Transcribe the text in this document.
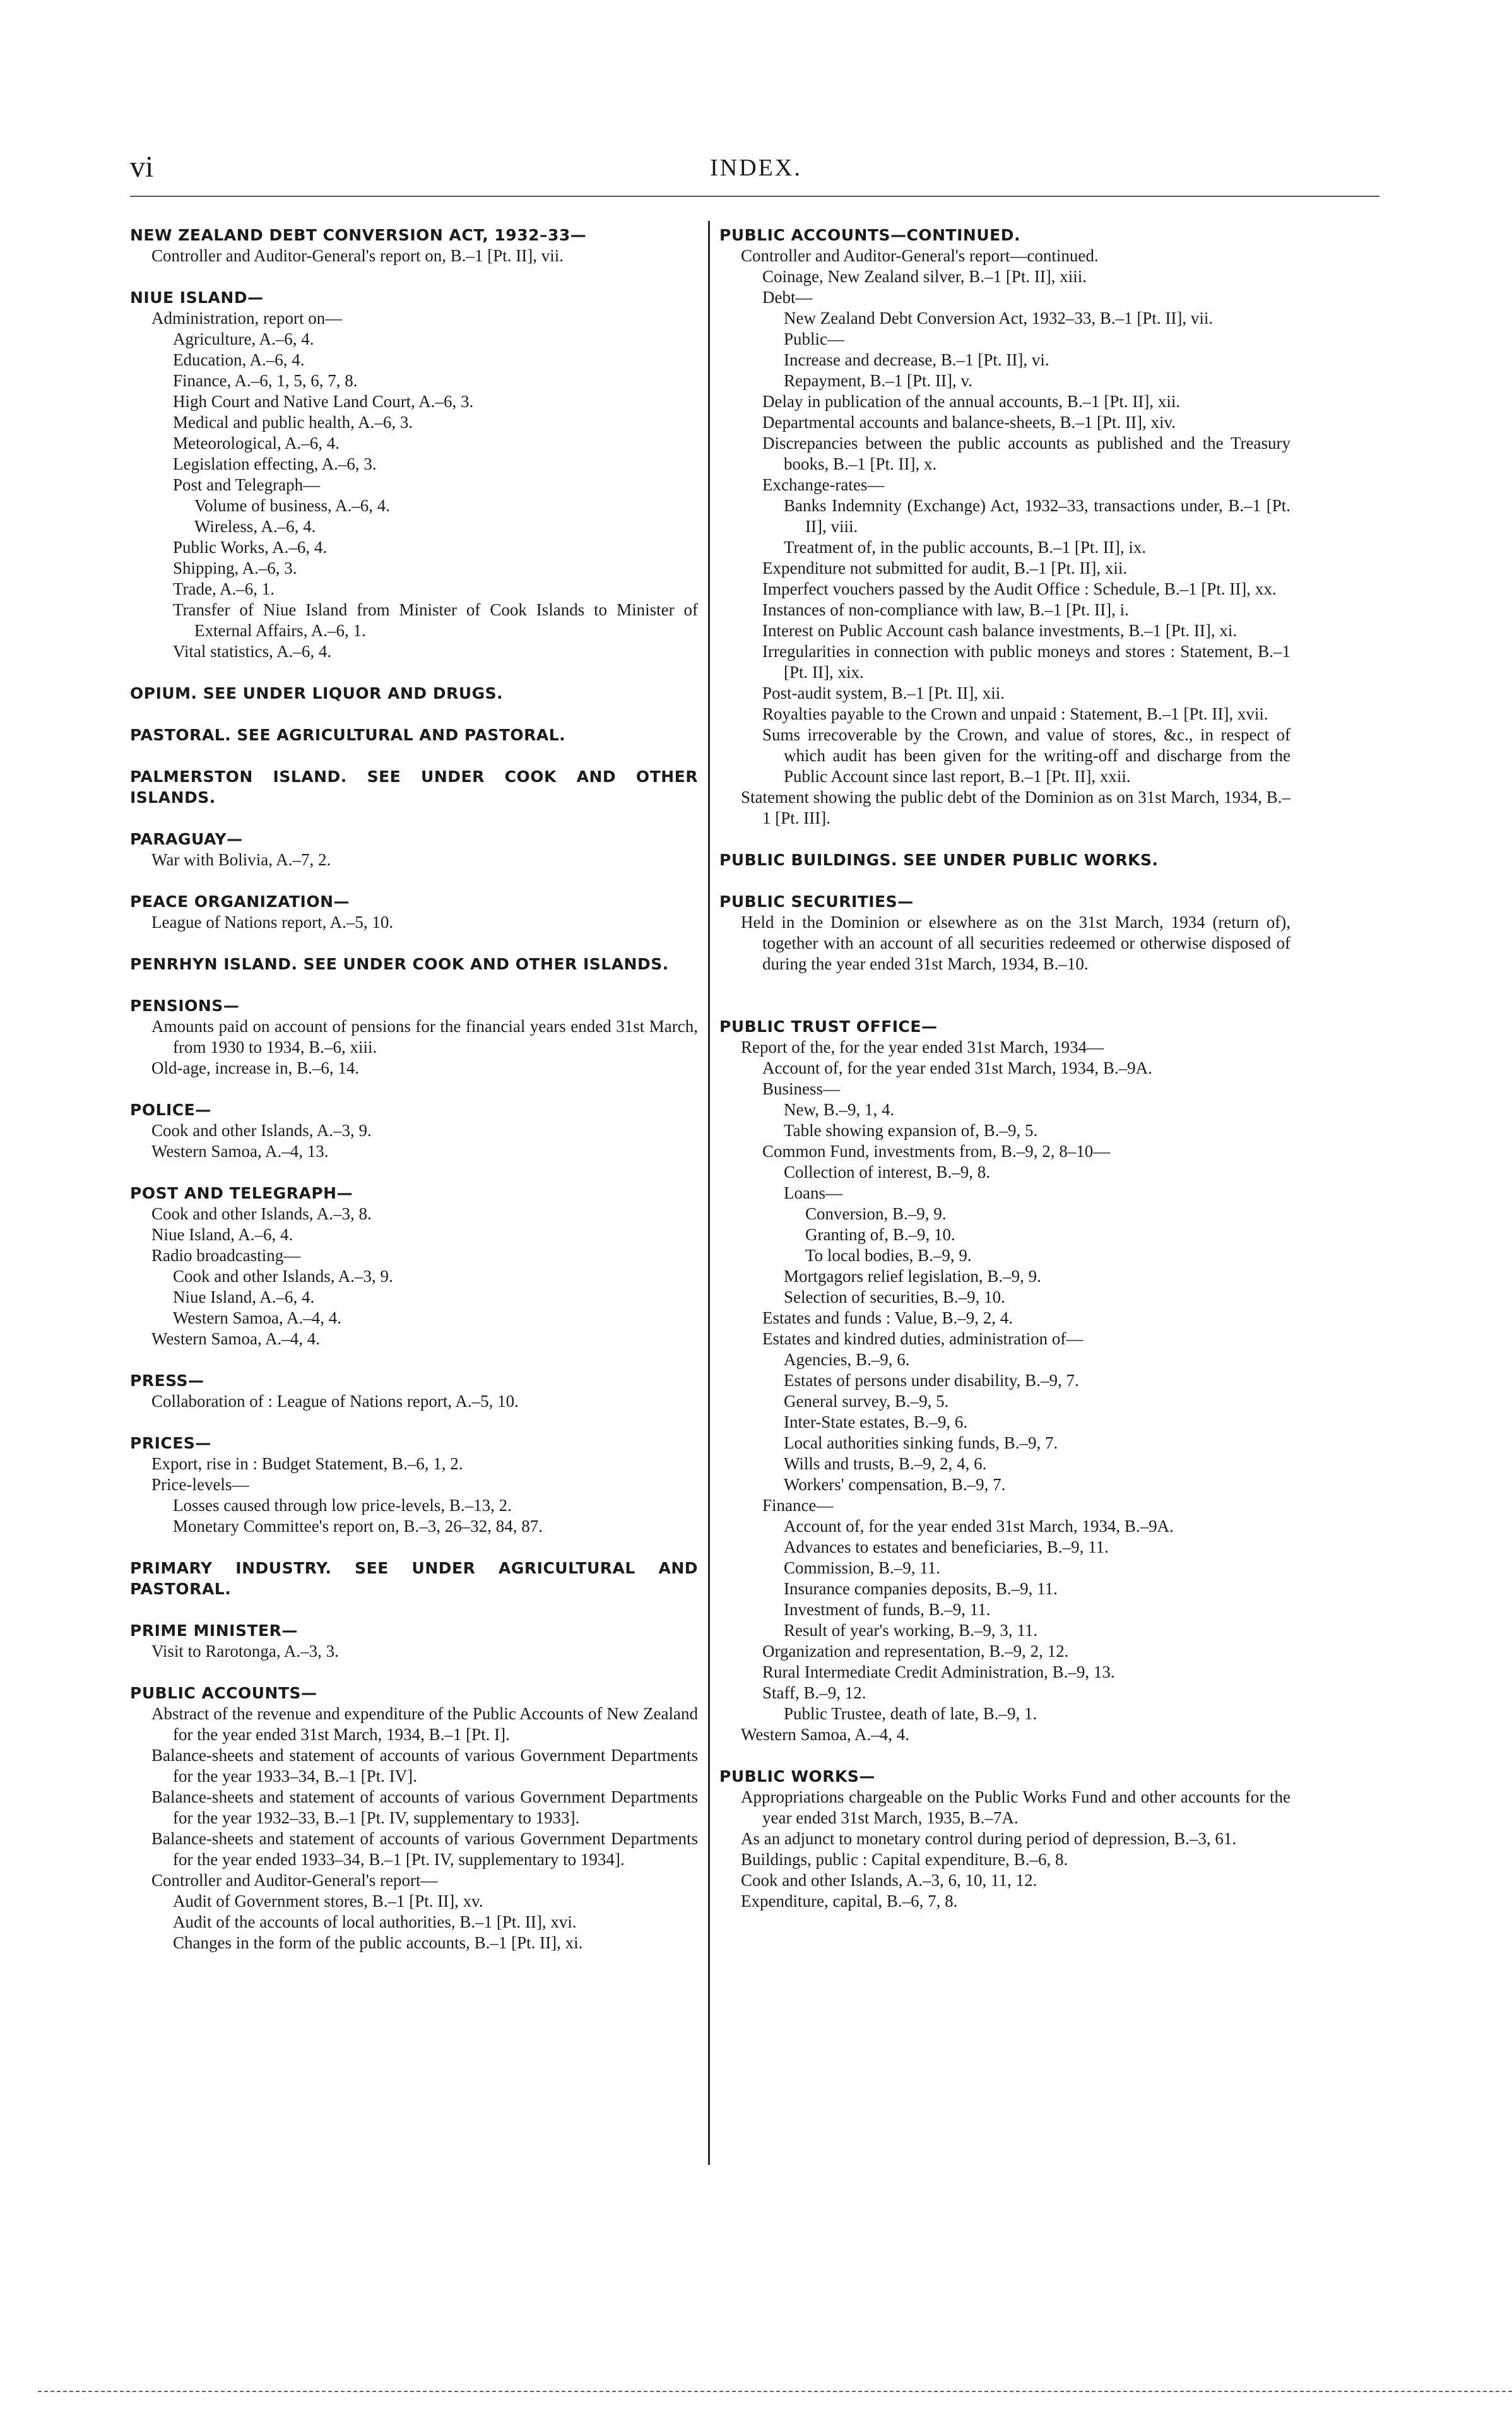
vi	INDEX.

NEW ZEALAND DEBT CONVERSION ACT, 1932–33—

Controller and Auditor-General's report on, B.–1 [Pt. II], vii.

NIUE ISLAND—

Administration, report on—

Agriculture, A.–6, 4.

Education, A.–6, 4.

Finance, A.–6, 1, 5, 6, 7, 8.

High Court and Native Land Court, A.–6, 3.

Medical and public health, A.–6, 3.

Meteorological, A.–6, 4.

Legislation effecting, A.–6, 3.

Post and Telegraph—

Volume of business, A.–6, 4.

Wireless, A.–6, 4.

Public Works, A.–6, 4.

Shipping, A.–6, 3.

Trade, A.–6, 1.

Transfer of Niue Island from Minister of Cook Islands to Minister of External Affairs, A.–6, 1.

Vital statistics, A.–6, 4.

OPIUM. SEE UNDER LIQUOR AND DRUGS.

PASTORAL. SEE AGRICULTURAL AND PASTORAL.

PALMERSTON ISLAND. SEE UNDER COOK AND OTHER ISLANDS.

PARAGUAY—

War with Bolivia, A.–7, 2.

PEACE ORGANIZATION—

League of Nations report, A.–5, 10.

PENRHYN ISLAND. SEE UNDER COOK AND OTHER ISLANDS.

PENSIONS—

Amounts paid on account of pensions for the financial years ended 31st March, from 1930 to 1934, B.–6, xiii.

Old-age, increase in, B.–6, 14.

POLICE—

Cook and other Islands, A.–3, 9.

Western Samoa, A.–4, 13.

POST AND TELEGRAPH—

Cook and other Islands, A.–3, 8.

Niue Island, A.–6, 4.

Radio broadcasting—

Cook and other Islands, A.–3, 9.

Niue Island, A.–6, 4.

Western Samoa, A.–4, 4.

Western Samoa, A.–4, 4.

PRESS—

Collaboration of : League of Nations report, A.–5, 10.

PRICES—

Export, rise in : Budget Statement, B.–6, 1, 2.

Price-levels—

Losses caused through low price-levels, B.–13, 2.

Monetary Committee's report on, B.–3, 26–32, 84, 87.

PRIMARY INDUSTRY. SEE UNDER AGRICULTURAL AND PASTORAL.

PRIME MINISTER—

Visit to Rarotonga, A.–3, 3.

PUBLIC ACCOUNTS—

Abstract of the revenue and expenditure of the Public Accounts of New Zealand for the year ended 31st March, 1934, B.–1 [Pt. I].

Balance-sheets and statement of accounts of various Government Departments for the year 1933–34, B.–1 [Pt. IV].

Balance-sheets and statement of accounts of various Government Departments for the year 1932–33, B.–1 [Pt. IV, supplementary to 1933].

Balance-sheets and statement of accounts of various Government Departments for the year ended 1933–34, B.–1 [Pt. IV, supplementary to 1934].

Controller and Auditor-General's report—

Audit of Government stores, B.–1 [Pt. II], xv.

Audit of the accounts of local authorities, B.–1 [Pt. II], xvi.

Changes in the form of the public accounts, B.–1 [Pt. II], xi.

PUBLIC ACCOUNTS—CONTINUED.

Controller and Auditor-General's report—continued.

Coinage, New Zealand silver, B.–1 [Pt. II], xiii.

Debt—

New Zealand Debt Conversion Act, 1932–33, B.–1 [Pt. II], vii.

Public—

Increase and decrease, B.–1 [Pt. II], vi.

Repayment, B.–1 [Pt. II], v.

Delay in publication of the annual accounts, B.–1 [Pt. II], xii.

Departmental accounts and balance-sheets, B.–1 [Pt. II], xiv.

Discrepancies between the public accounts as published and the Treasury books, B.–1 [Pt. II], x.

Exchange-rates—

Banks Indemnity (Exchange) Act, 1932–33, transactions under, B.–1 [Pt. II], viii.

Treatment of, in the public accounts, B.–1 [Pt. II], ix.

Expenditure not submitted for audit, B.–1 [Pt. II], xii.

Imperfect vouchers passed by the Audit Office : Schedule, B.–1 [Pt. II], xx.

Instances of non-compliance with law, B.–1 [Pt. II], i.

Interest on Public Account cash balance investments, B.–1 [Pt. II], xi.

Irregularities in connection with public moneys and stores : Statement, B.–1 [Pt. II], xix.

Post-audit system, B.–1 [Pt. II], xii.

Royalties payable to the Crown and unpaid : Statement, B.–1 [Pt. II], xvii.

Sums irrecoverable by the Crown, and value of stores, &c., in respect of which audit has been given for the writing-off and discharge from the Public Account since last report, B.–1 [Pt. II], xxii.

Statement showing the public debt of the Dominion as on 31st March, 1934, B.–1 [Pt. III].

PUBLIC BUILDINGS. SEE UNDER PUBLIC WORKS.

PUBLIC SECURITIES—

Held in the Dominion or elsewhere as on the 31st March, 1934 (return of), together with an account of all securities redeemed or otherwise disposed of during the year ended 31st March, 1934, B.–10.

PUBLIC TRUST OFFICE—

Report of the, for the year ended 31st March, 1934—

Account of, for the year ended 31st March, 1934, B.–9A.

Business—

New, B.–9, 1, 4.

Table showing expansion of, B.–9, 5.

Common Fund, investments from, B.–9, 2, 8–10—

Collection of interest, B.–9, 8.

Loans—

Conversion, B.–9, 9.

Granting of, B.–9, 10.

To local bodies, B.–9, 9.

Mortgagors relief legislation, B.–9, 9.

Selection of securities, B.–9, 10.

Estates and funds : Value, B.–9, 2, 4.

Estates and kindred duties, administration of—

Agencies, B.–9, 6.

Estates of persons under disability, B.–9, 7.

General survey, B.–9, 5.

Inter-State estates, B.–9, 6.

Local authorities sinking funds, B.–9, 7.

Wills and trusts, B.–9, 2, 4, 6.

Workers' compensation, B.–9, 7.

Finance—

Account of, for the year ended 31st March, 1934, B.–9A.

Advances to estates and beneficiaries, B.–9, 11.

Commission, B.–9, 11.

Insurance companies deposits, B.–9, 11.

Investment of funds, B.–9, 11.

Result of year's working, B.–9, 3, 11.

Organization and representation, B.–9, 2, 12.

Rural Intermediate Credit Administration, B.–9, 13.

Staff, B.–9, 12.

Public Trustee, death of late, B.–9, 1.

Western Samoa, A.–4, 4.

PUBLIC WORKS—

Appropriations chargeable on the Public Works Fund and other accounts for the year ended 31st March, 1935, B.–7A.

As an adjunct to monetary control during period of depression, B.–3, 61.

Buildings, public : Capital expenditure, B.–6, 8.

Cook and other Islands, A.–3, 6, 10, 11, 12.

Expenditure, capital, B.–6, 7, 8.
